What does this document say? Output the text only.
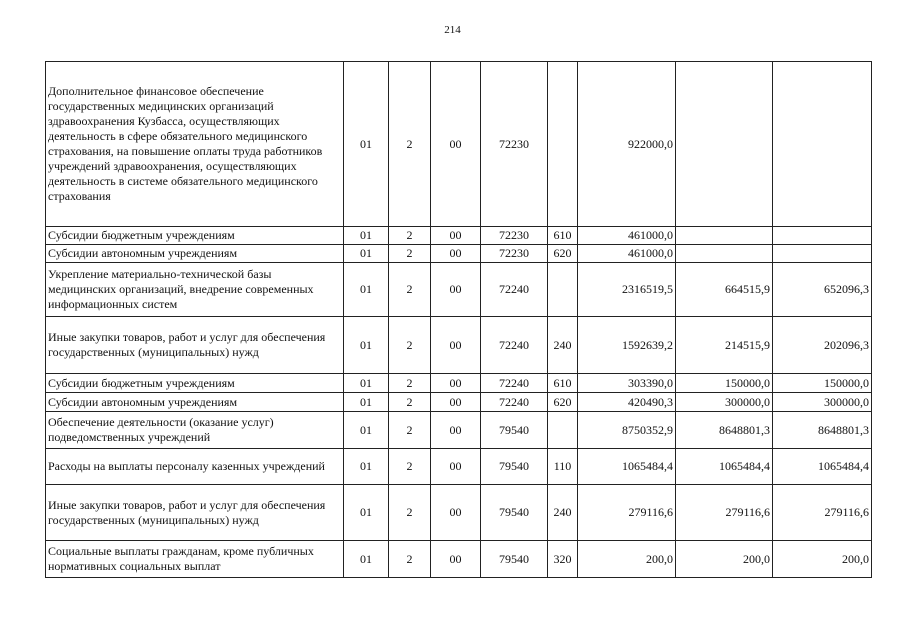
214
Дополнительное финансовое обеспечение государственных медицинских организаций здравоохранения Кузбасса, осуществляющих деятельность в сфере обязательного медицинского страхования, на повышение оплаты труда работников учреждений здравоохранения, осуществляющих деятельность в системе обязательного медицинского страхования	01	2	00	72230		922000,0		
Субсидии бюджетным учреждениям	01	2	00	72230	610	461000,0		
Субсидии автономным учреждениям	01	2	00	72230	620	461000,0		
Укрепление материально-технической базы медицинских организаций, внедрение современных информационных систем	01	2	00	72240		2316519,5	664515,9	652096,3
Иные закупки товаров, работ и услуг для обеспечения государственных (муниципальных) нужд	01	2	00	72240	240	1592639,2	214515,9	202096,3
Субсидии бюджетным учреждениям	01	2	00	72240	610	303390,0	150000,0	150000,0
Субсидии автономным учреждениям	01	2	00	72240	620	420490,3	300000,0	300000,0
Обеспечение деятельности (оказание услуг) подведомственных учреждений	01	2	00	79540		8750352,9	8648801,3	8648801,3
Расходы на выплаты персоналу казенных учреждений	01	2	00	79540	110	1065484,4	1065484,4	1065484,4
Иные закупки товаров, работ и услуг для обеспечения государственных (муниципальных) нужд	01	2	00	79540	240	279116,6	279116,6	279116,6
Социальные выплаты гражданам, кроме публичных нормативных социальных выплат	01	2	00	79540	320	200,0	200,0	200,0
